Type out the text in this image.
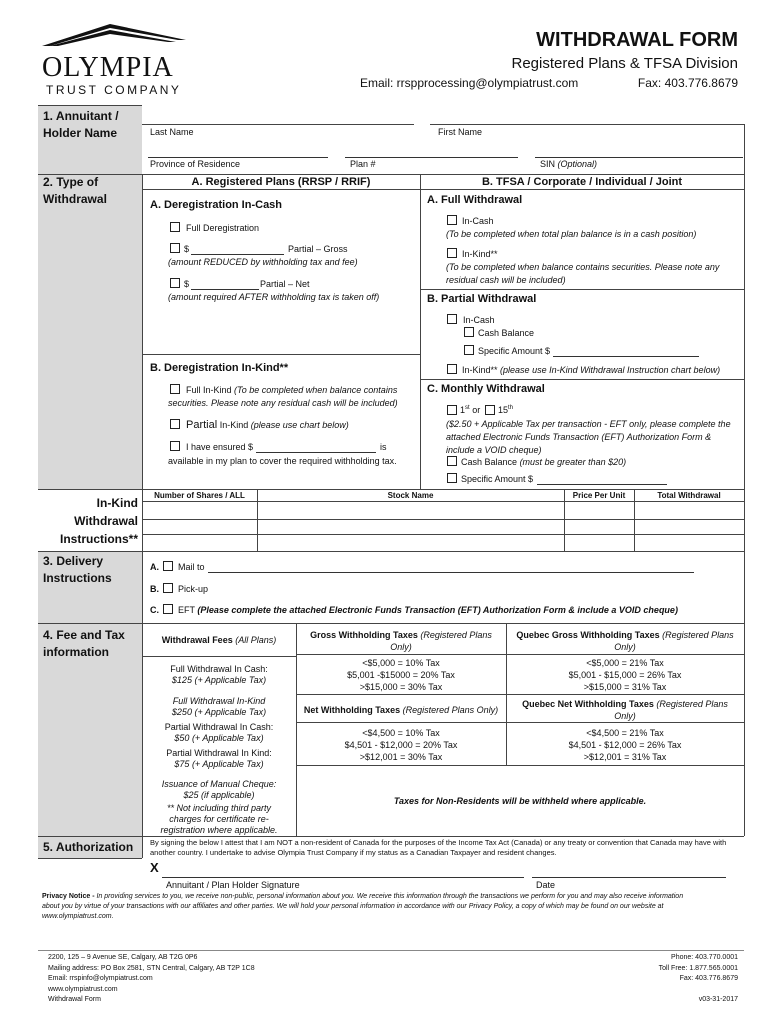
OLYMPIA
TRUST COMPANY
WITHDRAWAL FORM
Registered Plans & TFSA Division
Email: rrspprocessing@olympiatrust.com	Fax: 403.776.8679
1. Annuitant /
Holder Name	Last Name	First Name
Province of Residence	Plan #	SIN (Optional)
2. Type of
Withdrawal
A. Registered Plans (RRSP / RRIF)	B. TFSA / Corporate / Individual / Joint
A. Deregistration In-Cash
Full Deregistration
$	Partial – Gross
(amount REDUCED by withholding tax and fee)
$	Partial – Net
(amount required AFTER withholding tax is taken off)
B. Deregistration In-Kind**
Full In-Kind (To be completed when balance contains
securities. Please note any residual cash will be included)
Partial In-Kind (please use chart below)
I have ensured $	is
available in my plan to cover the required withholding tax.
A. Full Withdrawal
In-Cash
(To be completed when total plan balance is in a cash position)
In-Kind**
(To be completed when balance contains securities. Please note any
residual cash will be included)
B. Partial Withdrawal
In-Cash
Cash Balance
Specific Amount $
In-Kind** (please use In-Kind Withdrawal Instruction chart below)
C. Monthly Withdrawal
1st or 15th
($2.50 + Applicable Tax per transaction - EFT only, please complete the
attached Electronic Funds Transaction (EFT) Authorization Form &
include a VOID cheque)
Cash Balance (must be greater than $20)
Specific Amount $
In-Kind
Withdrawal
Instructions**
Number of Shares / ALL	Stock Name	Price Per Unit	Total Withdrawal
3. Delivery
Instructions
A. Mail to
B. Pick-up
C. EFT (Please complete the attached Electronic Funds Transaction (EFT) Authorization Form & include a VOID cheque)
4. Fee and Tax
information
Withdrawal Fees (All Plans)
Full Withdrawal In Cash:
$125 (+ Applicable Tax)
Full Withdrawal In-Kind
$250 (+ Applicable Tax)
Partial Withdrawal In Cash:
$50 (+ Applicable Tax)
Partial Withdrawal In Kind:
$75 (+ Applicable Tax)
Issuance of Manual Cheque:
$25 (if applicable)
** Not including third party
charges for certificate re-
registration where applicable.
Gross Withholding Taxes (Registered Plans
Only)
<$5,000 = 10% Tax
$5,001 -$15000 = 20% Tax
>$15,000 = 30% Tax
Quebec Gross Withholding Taxes (Registered Plans
Only)
<$5,000 = 21% Tax
$5,001 - $15,000 = 26% Tax
>$15,000 = 31% Tax
Net Withholding Taxes (Registered Plans Only)
<$4,500 = 10% Tax
$4,501 - $12,000 = 20% Tax
>$12,001 = 30% Tax
Quebec Net Withholding Taxes (Registered Plans
Only)
<$4,500 = 21% Tax
$4,501 - $12,000 = 26% Tax
>$12,001 = 31% Tax
Taxes for Non-Residents will be withheld where applicable.
5. Authorization By signing the below I attest that I am NOT a non-resident of Canada for the purposes of the Income Tax Act (Canada) or any treaty or convention that Canada may have with
another country. I undertake to advise Olympia Trust Company if my status as a Canadian Taxpayer and resident changes.
X
Annuitant / Plan Holder Signature	Date
Privacy Notice - In providing services to you, we receive non-public, personal information about you. We receive this information through the transactions we perform for you and may also receive information
about you by virtue of your transactions with our affiliates and other parties. We will hold your personal information in accordance with our Privacy Policy, a copy of which may be found on our website at
www.olympiatrust.com.
2200, 125 – 9 Avenue SE, Calgary, AB T2G 0P6
Mailing address: PO Box 2581, STN Central, Calgary, AB T2P 1C8
Email: rrspinfo@olympiatrust.com
www.olympiatrust.com
Withdrawal Form
Phone: 403.770.0001
Toll Free: 1.877.565.0001
Fax: 403.776.8679
v03-31-2017
